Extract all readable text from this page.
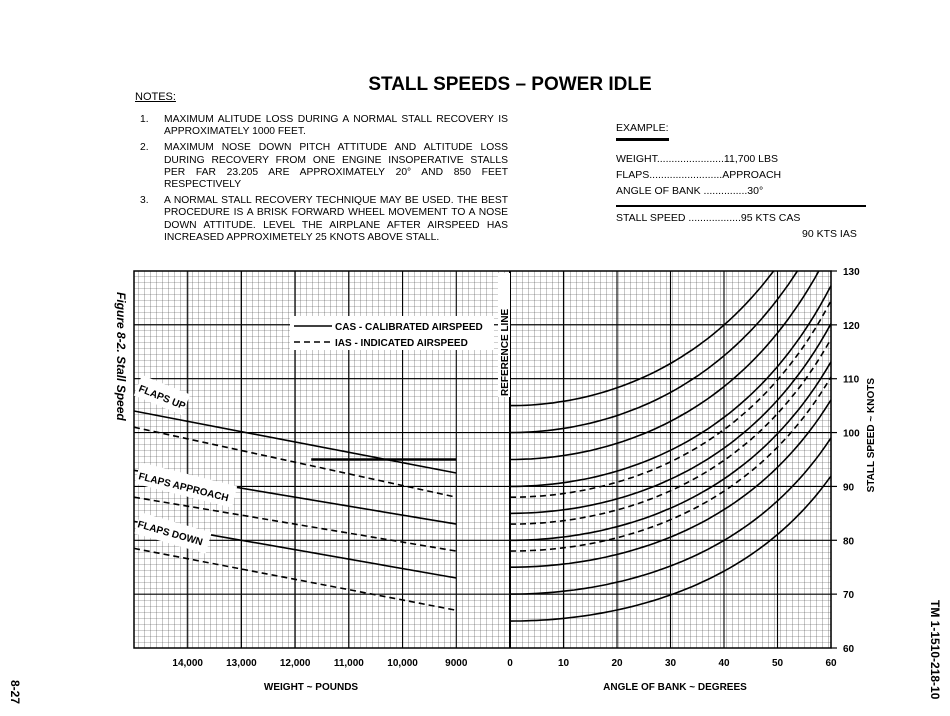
STALL SPEEDS – POWER IDLE
NOTES:
1.	MAXIMUM ALITUDE LOSS DURING A NORMAL STALL RECOVERY IS APPROXIMATELY 1000 FEET.
2.	MAXIMUM NOSE DOWN PITCH ATTITUDE AND ALTITUDE LOSS DURING RECOVERY FROM ONE ENGINE INSOPERATIVE STALLS PER FAR 23.205 ARE APPROXIMATELY 20° AND 850 FEET RESPECTIVELY
3.	A NORMAL STALL RECOVERY TECHNIQUE MAY BE USED. THE BEST PROCEDURE IS A BRISK FORWARD WHEEL MOVEMENT TO A NOSE DOWN ATTITUDE. LEVEL THE AIRPLANE AFTER AIRSPEED HAS INCREASED APPROXIMETELY 25 KNOTS ABOVE STALL.
EXAMPLE:
WEIGHT.......................11,700 LBS
FLAPS.........................APPROACH
ANGLE OF BANK ...............30°
STALL SPEED ..................95 KTS CAS
90 KTS IAS
14,000 13,000 12,000 11,000 10,000	9000	0	10	20	30	40	50	60
60
70
80
90
100
110
120
130
REFERENCE LINE
CAS - CALIBRATED AIRSPEED
IAS - INDICATED AIRSPEED
FLAPS UP
FLAPS APPROACH
FLAPS DOWN
WEIGHT ~ POUNDS	ANGLE OF BANK ~ DEGREES
STALL SPEED ~ KNOTS
Figure 8-2. Stall Speed
8-27	TM 1-1510-218-10
